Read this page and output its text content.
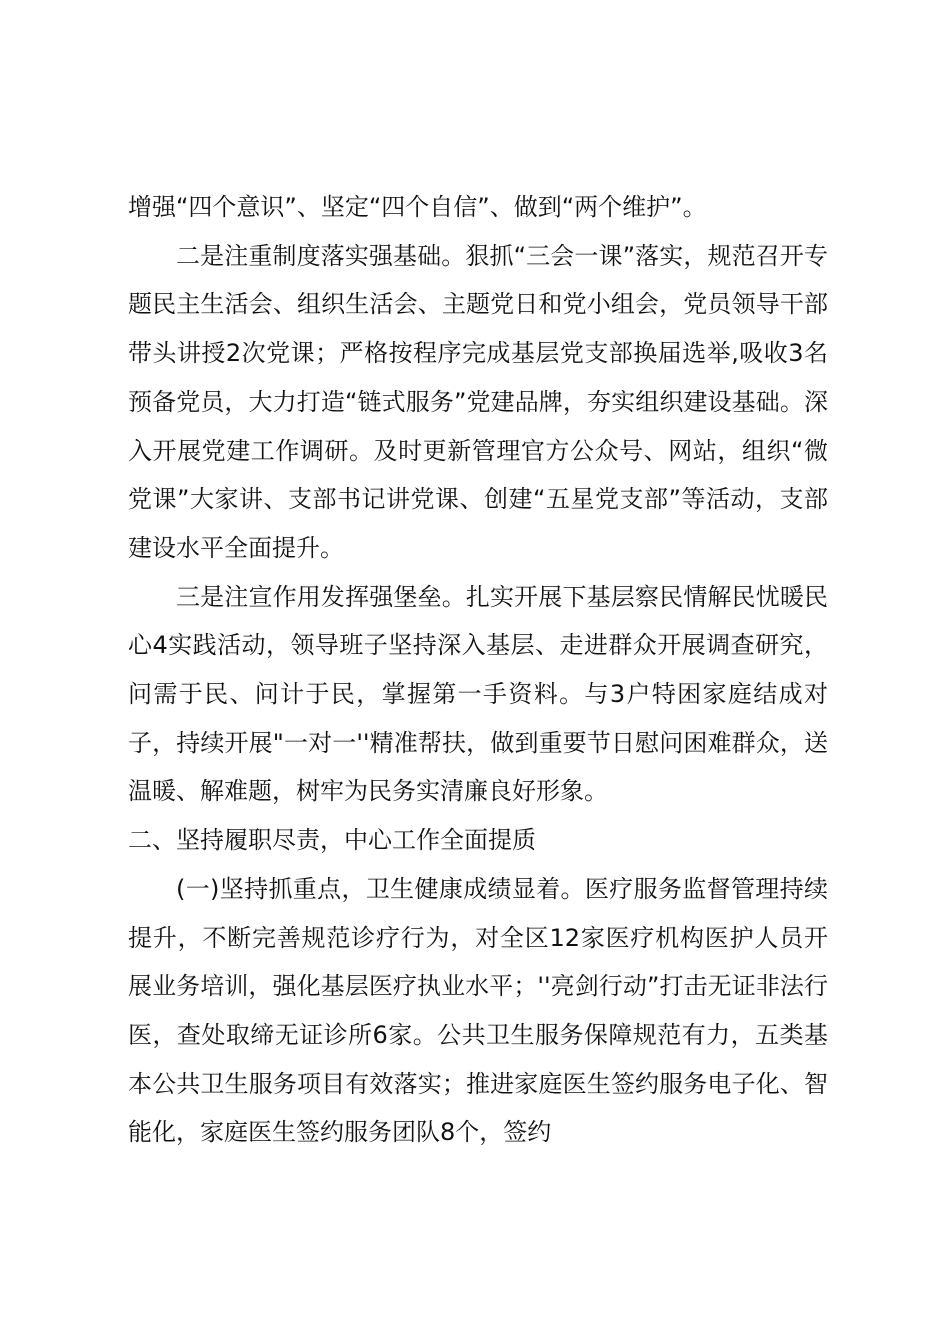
增强“四个意识”、坚定“四个自信”、做到“两个维护”。

二是注重制度落实强基础。狠抓“三会一课”落实，规范召开专题民主生活会、组织生活会、主题党日和党小组会，党员领导干部带头讲授2次党课；严格按程序完成基层党支部换届选举,吸收3名预备党员，大力打造“链式服务”党建品牌，夯实组织建设基础。深入开展党建工作调研。及时更新管理官方公众号、网站，组织“微党课”大家讲、支部书记讲党课、创建“五星党支部”等活动，支部建设水平全面提升。

三是注宣作用发挥强堡垒。扎实开展下基层察民情解民忧暖民心4实践活动，领导班子坚持深入基层、走进群众开展调查研究，问需于民、问计于民，掌握第一手资料。与3户特困家庭结成对子，持续开展"一对一''精准帮扶，做到重要节日慰问困难群众，送温暖、解难题，树牢为民务实清廉良好形象。

二、坚持履职尽责，中心工作全面提质

(一)坚持抓重点，卫生健康成绩显着。医疗服务监督管理持续提升，不断完善规范诊疗行为，对全区12家医疗机构医护人员开展业务培训，强化基层医疗执业水平；''亮剑行动”打击无证非法行医，查处取缔无证诊所6家。公共卫生服务保障规范有力，五类基本公共卫生服务项目有效落实；推进家庭医生签约服务电子化、智能化，家庭医生签约服务团队8个，签约
